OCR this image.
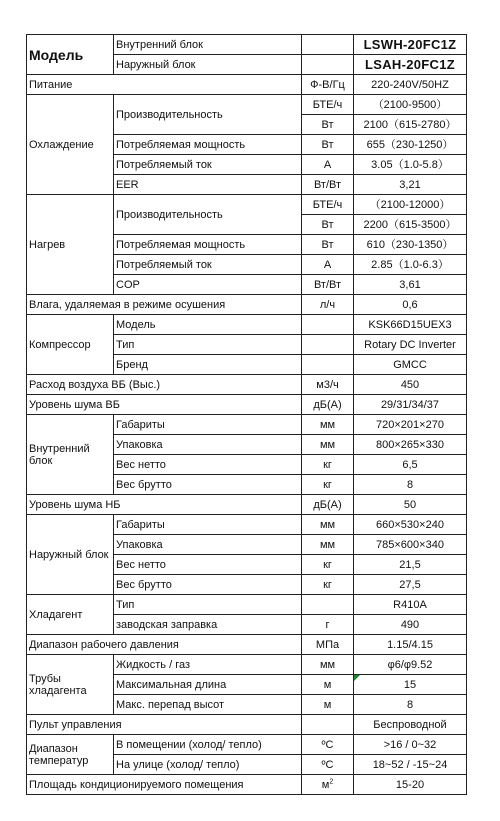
Модель	Внутренний блок		LSWH-20FC1Z
	Наружный блок		LSAH-20FC1Z
Питание		Ф-В/Гц	220-240V/50HZ
Охлаждение	Производительность	БТЕ/ч	（2100-9500）
		Вт	2100（615-2780）
	Потребляемая мощность	Вт	655（230-1250）
	Потребляемый ток	А	3.05（1.0-5.8）
	EER	Вт/Вт	3,21
Нагрев	Производительность	БТЕ/ч	（2100-12000）
		Вт	2200（615-3500）
	Потребляемая мощность	Вт	610（230-1350）
	Потребляемый ток	А	2.85（1.0-6.3）
	COP	Вт/Вт	3,61
Влага, удаляемая в режиме осушения		л/ч	0,6
Компрессор	Модель		KSK66D15UEX3
	Тип		Rotary DC Inverter
	Бренд		GMCC
Расход воздуха ВБ (Выс.)		м3/ч	450
Уровень шума ВБ		дБ(А)	29/31/34/37
Внутренний блок	Габариты	мм	720×201×270
	Упаковка	мм	800×265×330
	Вес нетто	кг	6,5
	Вес брутто	кг	8
Уровень шума НБ		дБ(А)	50
Наружный блок	Габариты	мм	660×530×240
	Упаковка	мм	785×600×340
	Вес нетто	кг	21,5
	Вес брутто	кг	27,5
Хладагент	Тип		R410A
	заводская заправка	г	490
Диапазон рабочего давления		МПа	1.15/4.15
Трубы хладагента	Жидкость / газ	мм	φ6/φ9.52
	Максимальная длина	м	15
	Макс. перепад высот	м	8
Пульт управления			Беспроводной
Диапазон температур	В помещении (холод/ тепло)	ºC	>16 / 0~32
	На улице (холод/ тепло)	ºC	18~52 / -15~24
Площадь кондиционируемого помещения		$м^2$	15-20
